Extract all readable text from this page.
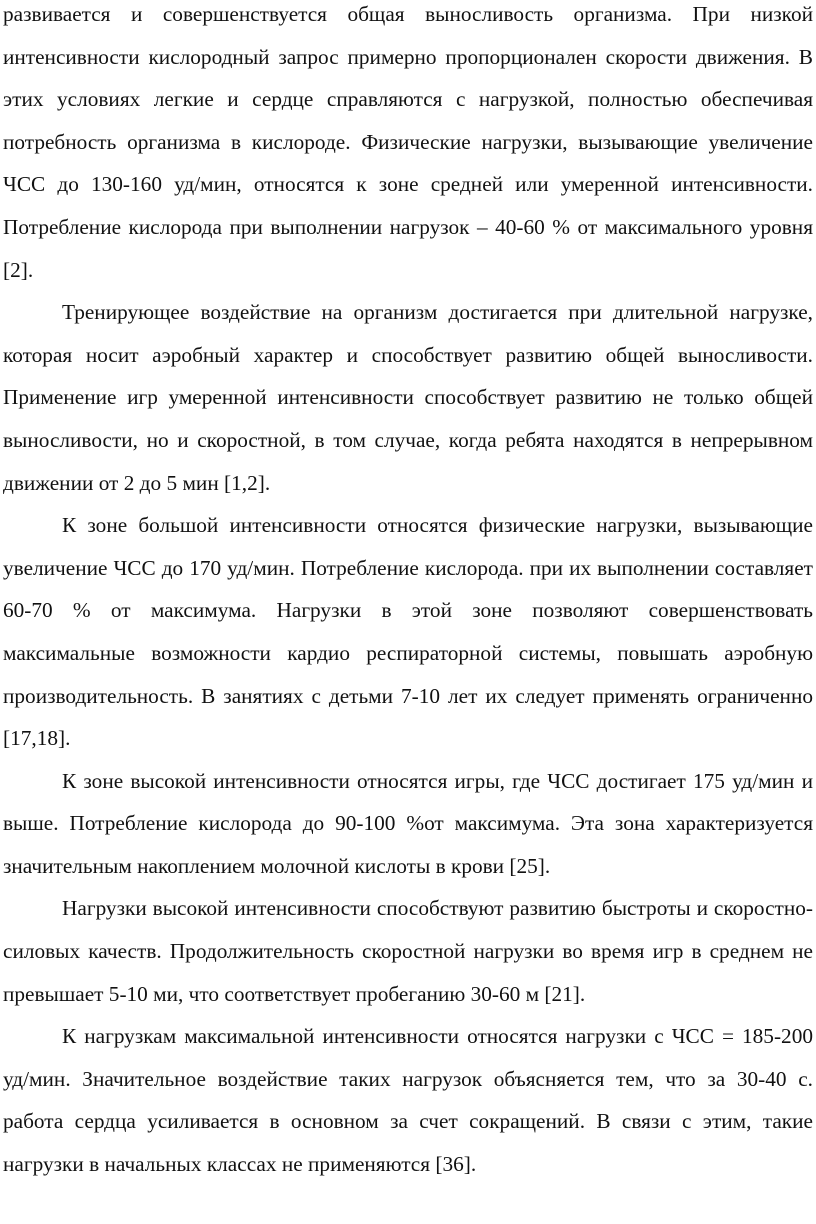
развивается и совершенствуется общая выносливость организма. При низкой интенсивности кислородный запрос примерно пропорционален скорости движения. В этих условиях легкие и сердце справляются с нагрузкой, полностью обеспечивая потребность организма в кислороде. Физические нагрузки, вызывающие увеличение ЧСС до 130-160 уд/мин, относятся к зоне средней или умеренной интенсивности. Потребление кислорода при выполнении нагрузок – 40-60 % от максимального уровня [2].

Тренирующее воздействие на организм достигается при длительной нагрузке, которая носит аэробный характер и способствует развитию общей выносливости. Применение игр умеренной интенсивности способствует развитию не только общей выносливости, но и скоростной, в том случае, когда ребята находятся в непрерывном движении от 2 до 5 мин [1,2].

К зоне большой интенсивности относятся физические нагрузки, вызывающие увеличение ЧСС до 170 уд/мин. Потребление кислорода. при их выполнении составляет 60-70 % от максимума. Нагрузки в этой зоне позволяют совершенствовать максимальные возможности кардио респираторной системы, повышать аэробную производительность. В занятиях с детьми 7-10 лет их следует применять ограниченно [17,18].

К зоне высокой интенсивности относятся игры, где ЧСС достигает 175 уд/мин и выше. Потребление кислорода до 90-100 %от максимума. Эта зона характеризуется значительным накоплением молочной кислоты в крови [25].

Нагрузки высокой интенсивности способствуют развитию быстроты и скоростно-силовых качеств. Продолжительность скоростной нагрузки во время игр в среднем не превышает 5-10 ми, что соответствует пробеганию 30-60 м [21].

К нагрузкам максимальной интенсивности относятся нагрузки с ЧСС = 185-200 уд/мин. Значительное воздействие таких нагрузок объясняется тем, что за 30-40 с. работа сердца усиливается в основном за счет сокращений. В связи с этим, такие нагрузки в начальных классах не применяются [36].
